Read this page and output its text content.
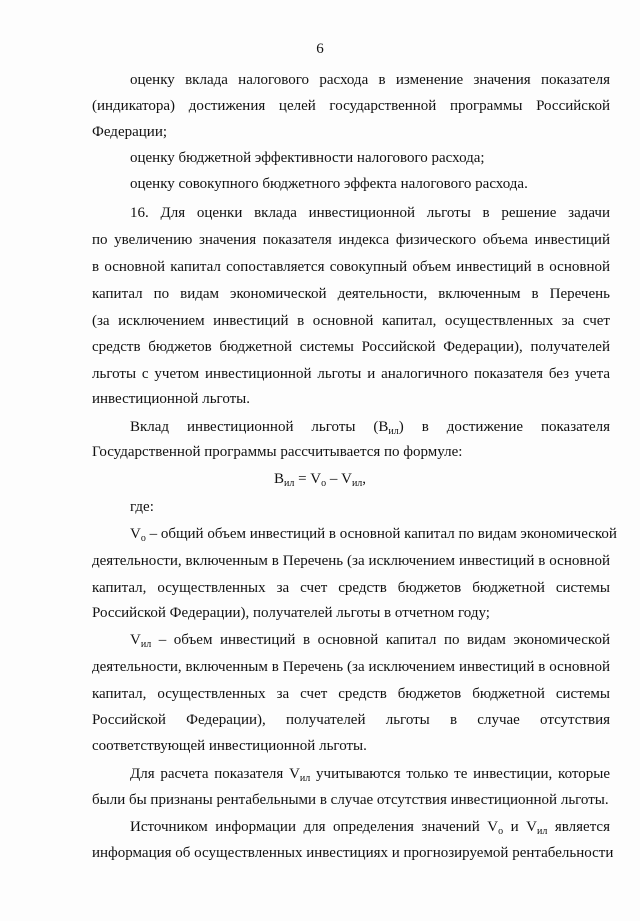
6
оценку вклада налогового расхода в изменение значения показателя
(индикатора) достижения целей государственной программы Российской
Федерации;
оценку бюджетной эффективности налогового расхода;
оценку совокупного бюджетного эффекта налогового расхода.
16. Для оценки вклада инвестиционной льготы в решение задачи
по увеличению значения показателя индекса физического объема инвестиций
в основной капитал сопоставляется совокупный объем инвестиций в основной
капитал по видам экономической деятельности, включенным в Перечень
(за исключением инвестиций в основной капитал, осуществленных за счет
средств бюджетов бюджетной системы Российской Федерации), получателей
льготы с учетом инвестиционной льготы и аналогичного показателя без учета
инвестиционной льготы.
Вклад инвестиционной льготы $(В_{ил})$ в достижение показателя
Государственной программы рассчитывается по формуле:
$В_{ил} = V_о - V_{ил}$,
где:
$V_о$ – общий объем инвестиций в основной капитал по видам экономической
деятельности, включенным в Перечень (за исключением инвестиций в основной
капитал, осуществленных за счет средств бюджетов бюджетной системы
Российской Федерации), получателей льготы в отчетном году;
$V_{ил}$ – объем инвестиций в основной капитал по видам экономической
деятельности, включенным в Перечень (за исключением инвестиций в основной
капитал, осуществленных за счет средств бюджетов бюджетной системы
Российской Федерации), получателей льготы в случае отсутствия
соответствующей инвестиционной льготы.
Для расчета показателя $V_{ил}$ учитываются только те инвестиции, которые
были бы признаны рентабельными в случае отсутствия инвестиционной льготы.
Источником информации для определения значений $V_о$ и $V_{ил}$ является
информация об осуществленных инвестициях и прогнозируемой рентабельности
